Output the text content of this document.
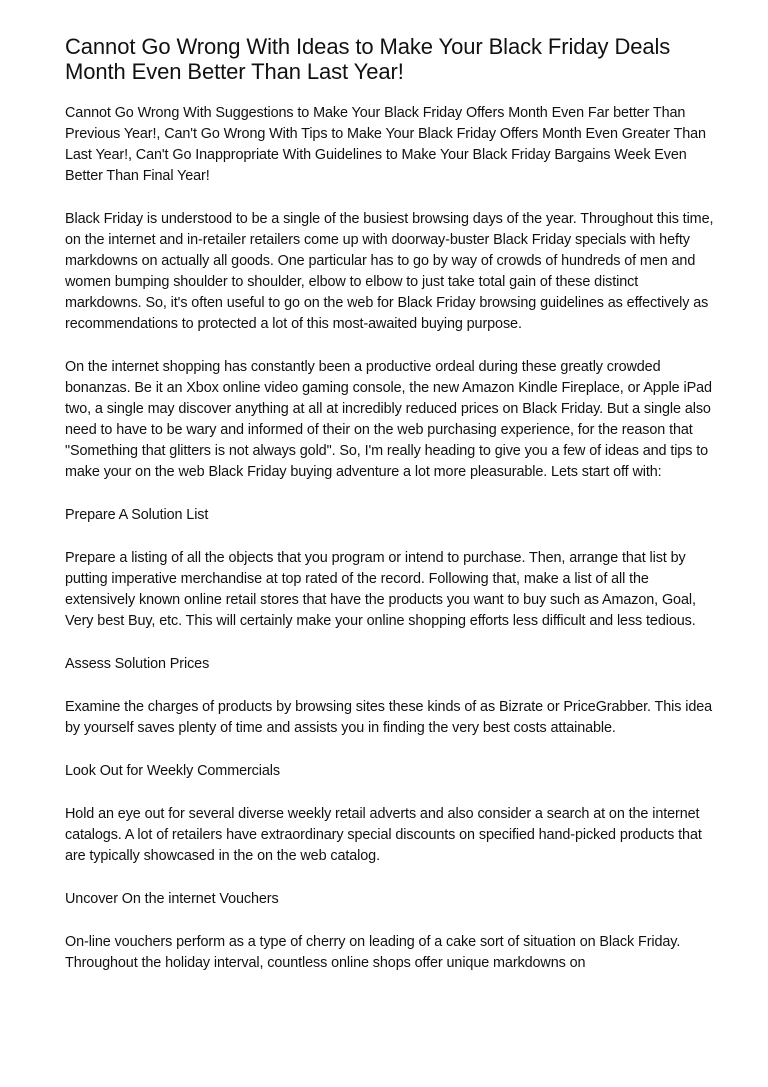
Cannot Go Wrong With Ideas to Make Your Black Friday Deals Month Even Better Than Last Year!

Cannot Go Wrong With Suggestions to Make Your Black Friday Offers Month Even Far better Than Previous Year!, Can't Go Wrong With Tips to Make Your Black Friday Offers Month Even Greater Than Last Year!, Can't Go Inappropriate With Guidelines to Make Your Black Friday Bargains Week Even Better Than Final Year!

Black Friday is understood to be a single of the busiest browsing days of the year. Throughout this time, on the internet and in-retailer retailers come up with doorway-buster Black Friday specials with hefty markdowns on actually all goods. One particular has to go by way of crowds of hundreds of men and women bumping shoulder to shoulder, elbow to elbow to just take total gain of these distinct markdowns. So, it's often useful to go on the web for Black Friday browsing guidelines as effectively as recommendations to protected a lot of this most-awaited buying purpose.

On the internet shopping has constantly been a productive ordeal during these greatly crowded bonanzas. Be it an Xbox online video gaming console, the new Amazon Kindle Fireplace, or Apple iPad two, a single may discover anything at all at incredibly reduced prices on Black Friday. But a single also need to have to be wary and informed of their on the web purchasing experience, for the reason that "Something that glitters is not always gold". So, I'm really heading to give you a few of ideas and tips to make your on the web Black Friday buying adventure a lot more pleasurable. Lets start off with:

Prepare A Solution List

Prepare a listing of all the objects that you program or intend to purchase. Then, arrange that list by putting imperative merchandise at top rated of the record. Following that, make a list of all the extensively known online retail stores that have the products you want to buy such as Amazon, Goal, Very best Buy, etc. This will certainly make your online shopping efforts less difficult and less tedious.

Assess Solution Prices

Examine the charges of products by browsing sites these kinds of as Bizrate or PriceGrabber. This idea by yourself saves plenty of time and assists you in finding the very best costs attainable.

Look Out for Weekly Commercials

Hold an eye out for several diverse weekly retail adverts and also consider a search at on the internet catalogs. A lot of retailers have extraordinary special discounts on specified hand-picked products that are typically showcased in the on the web catalog.

Uncover On the internet Vouchers

On-line vouchers perform as a type of cherry on leading of a cake sort of situation on Black Friday. Throughout the holiday interval, countless online shops offer unique markdowns on
